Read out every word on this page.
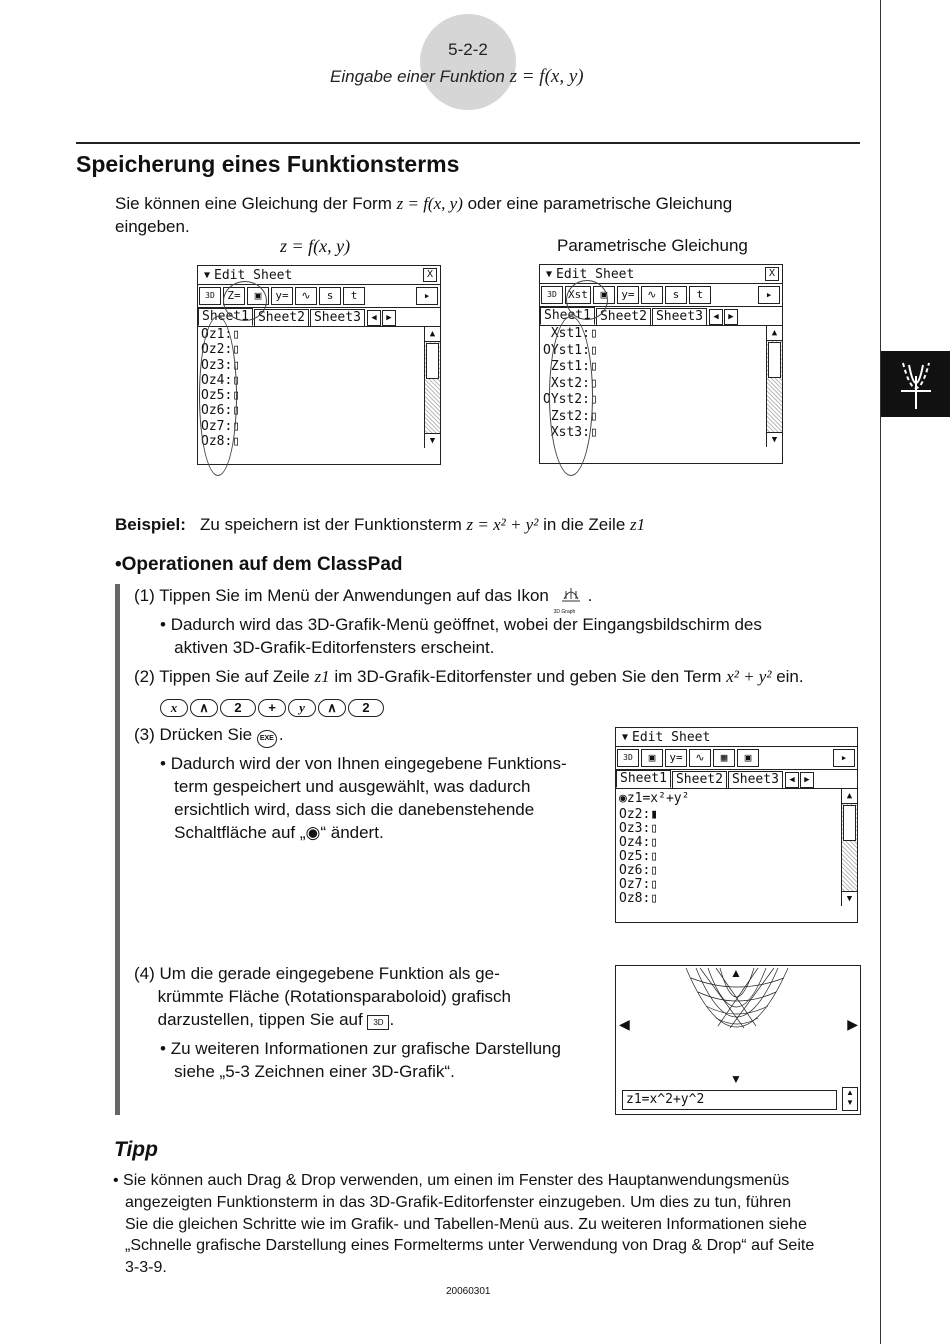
5-2-2
Eingabe einer Funktion z = f(x, y)
Speicherung eines Funktionsterms
Sie können eine Gleichung der Form z = f(x, y) oder eine parametrische Gleichung
eingeben.
z = f(x, y)	Parametrische Gleichung
▼ Edit Sheet	X
3D	Z=	▣	y=	∿	s	t	▸
Sheet1 Sheet2 Sheet3	◀	▶
Oz1:▯
Oz2:▯
Oz3:▯
Oz4:▯
Oz5:▯
Oz6:▯
Oz7:▯
Oz8:▯
▲
▼
▼ Edit Sheet	X
3D	Xst	▣	y=	∿	s	t	▸
Sheet1 Sheet2 Sheet3	◀	▶
Xst1:▯
OYst1:▯
Zst1:▯
Xst2:▯
OYst2:▯
Zst2:▯
Xst3:▯
▲
▼
Beispiel: Zu speichern ist der Funktionsterm z = x² + y² in die Zeile z1
•Operationen auf dem ClassPad
(1) Tippen Sie im Menü der Anwendungen auf das Ikon
3D Graph
.
• Dadurch wird das 3D-Grafik-Menü geöffnet, wobei der Eingangsbildschirm des
aktiven 3D-Grafik-Editorfensters erscheint.
(2) Tippen Sie auf Zeile z1 im 3D-Grafik-Editorfenster und geben Sie den Term x² + y² ein.
x ∧ 2 + y ∧ 2
(3) Drücken Sie EXE .
• Dadurch wird der von Ihnen eingegebene Funktions-
term gespeichert und ausgewählt, was dadurch
ersichtlich wird, dass sich die danebenstehende
Schaltfläche auf „◉“ ändert.
▼ Edit Sheet
3D	▣	y=	∿	▦	▣	▸
Sheet1 Sheet2 Sheet3	◀	▶
◉z1=x²+y²
Oz2:▮
Oz3:▯
Oz4:▯
Oz5:▯
Oz6:▯
Oz7:▯
Oz8:▯
▲
▼
(4) Um die gerade eingegebene Funktion als ge-
krümmte Fläche (Rotationsparaboloid) grafisch
darzustellen, tippen Sie auf 3D .
• Zu weiteren Informationen zur grafische Darstellung
siehe „5-3 Zeichnen einer 3D-Grafik“.
▲
◀	▶
▼
z1=x^2+y^2	▲
▼
Tipp
• Sie können auch Drag & Drop verwenden, um einen im Fenster des Hauptanwendungsmenüs
angezeigten Funktionsterm in das 3D-Grafik-Editorfenster einzugeben. Um dies zu tun, führen
Sie die gleichen Schritte wie im Grafik- und Tabellen-Menü aus. Zu weiteren Informationen siehe
„Schnelle grafische Darstellung eines Formelterms unter Verwendung von Drag & Drop“ auf Seite
3-3-9.
20060301
